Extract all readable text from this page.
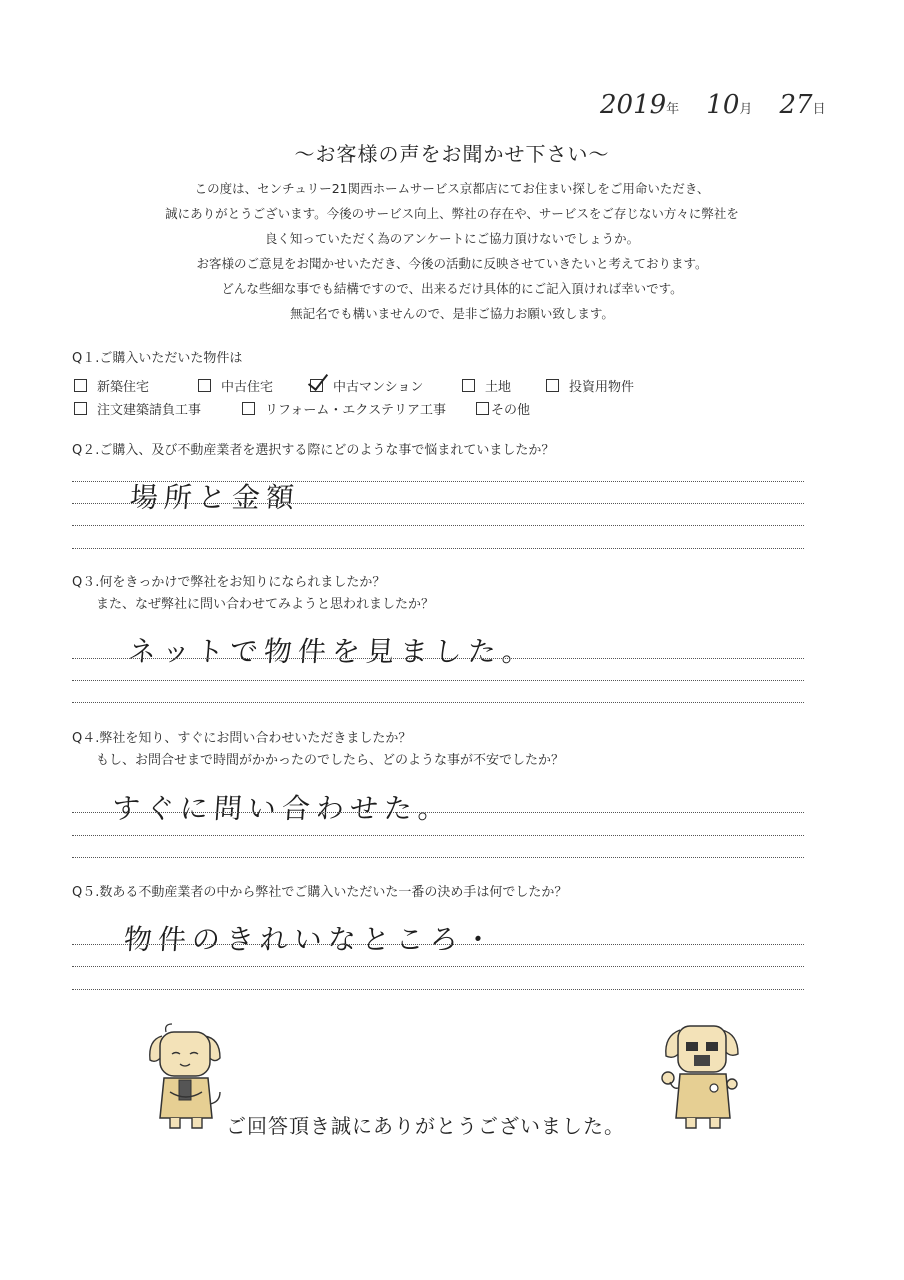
2019年 10月 27日
～お客様の声をお聞かせ下さい～
この度は、センチュリー21関西ホームサービス京都店にてお住まい探しをご用命いただき、
誠にありがとうございます。今後のサービス向上、弊社の存在や、サービスをご存じない方々に弊社を
良く知っていただく為のアンケートにご協力頂けないでしょうか。
お客様のご意見をお聞かせいただき、今後の活動に反映させていきたいと考えております。
どんな些細な事でも結構ですので、出来るだけ具体的にご記入頂ければ幸いです。
無記名でも構いませんので、是非ご協力お願い致します。
Q１.ご購入いただいた物件は
新築住宅	中古住宅	中古マンション	土地	投資用物件
注文建築請負工事	リフォーム・エクステリア工事	その他
Q２.ご購入、及び不動産業者を選択する際にどのような事で悩まれていましたか？
場所と金額
Q３.何をきっかけで弊社をお知りになられましたか？
また、なぜ弊社に問い合わせてみようと思われましたか？
ネットで物件を見ました。
Q４.弊社を知り、すぐにお問い合わせいただきましたか？
もし、お問合せまで時間がかかったのでしたら、どのような事が不安でしたか？
すぐに問い合わせた。
Q５.数ある不動産業者の中から弊社でご購入いただいた一番の決め手は何でしたか？
物件のきれいなところ・
ご回答頂き誠にありがとうございました。
